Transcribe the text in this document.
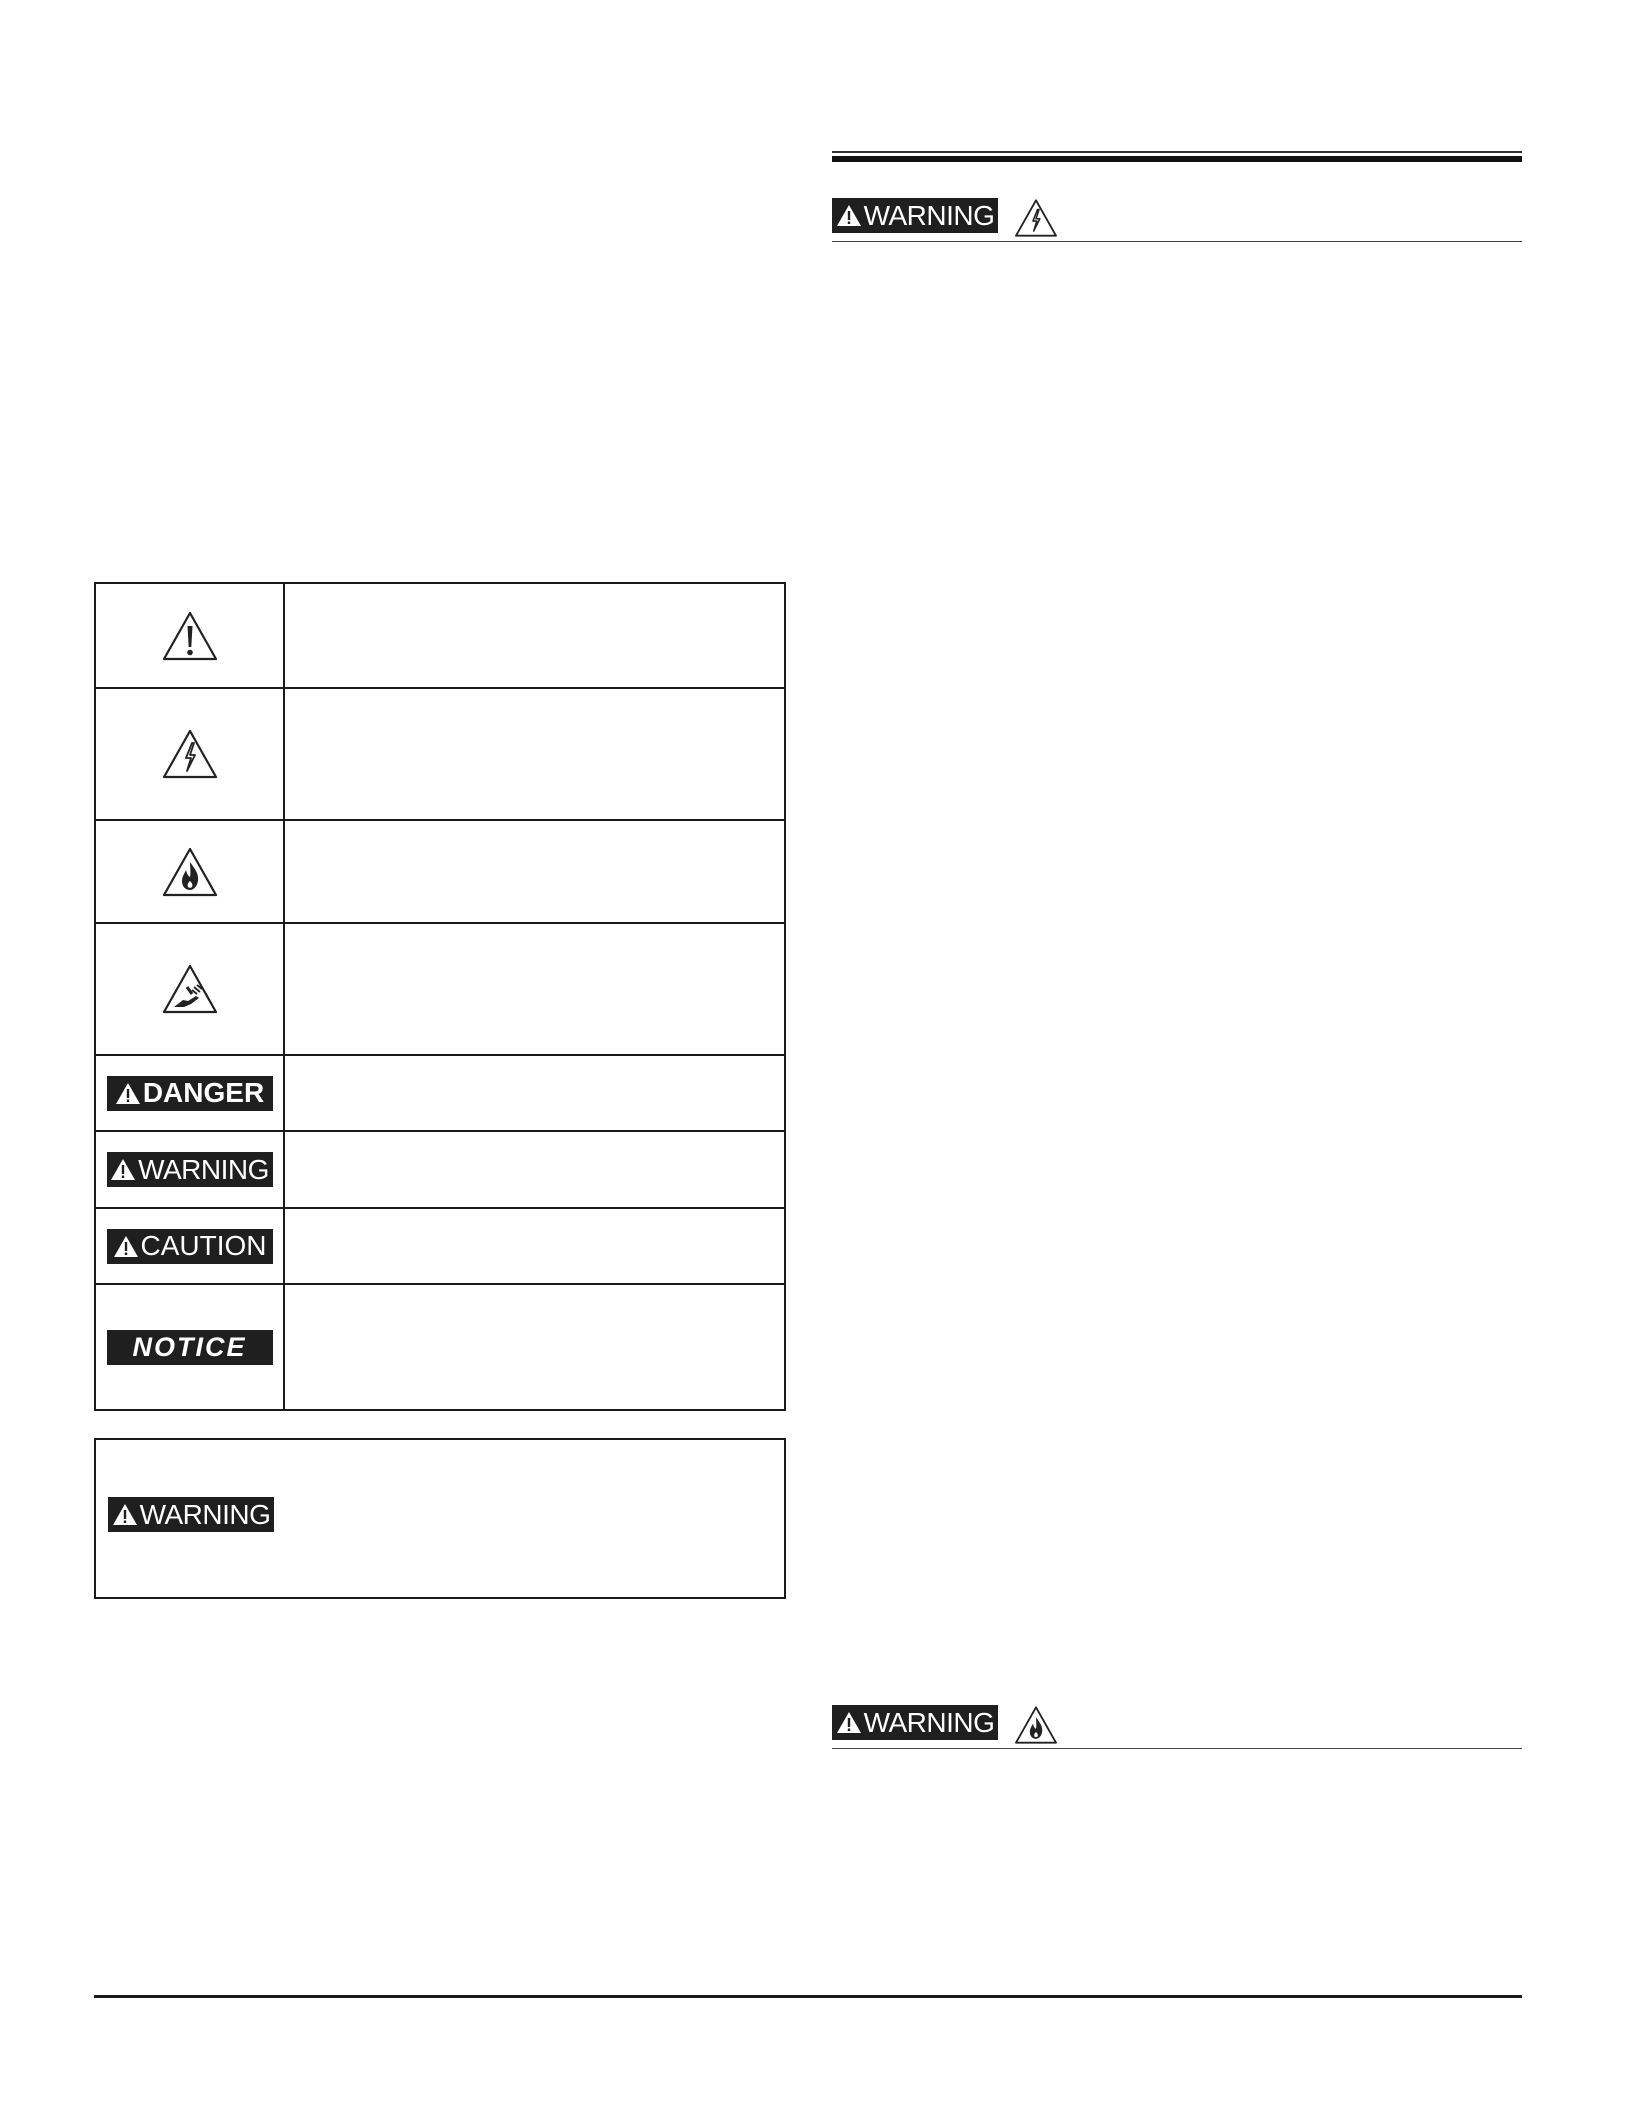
DANGER
WARNING
CAUTION
NOTICE
WARNING
WARNING
WARNING
